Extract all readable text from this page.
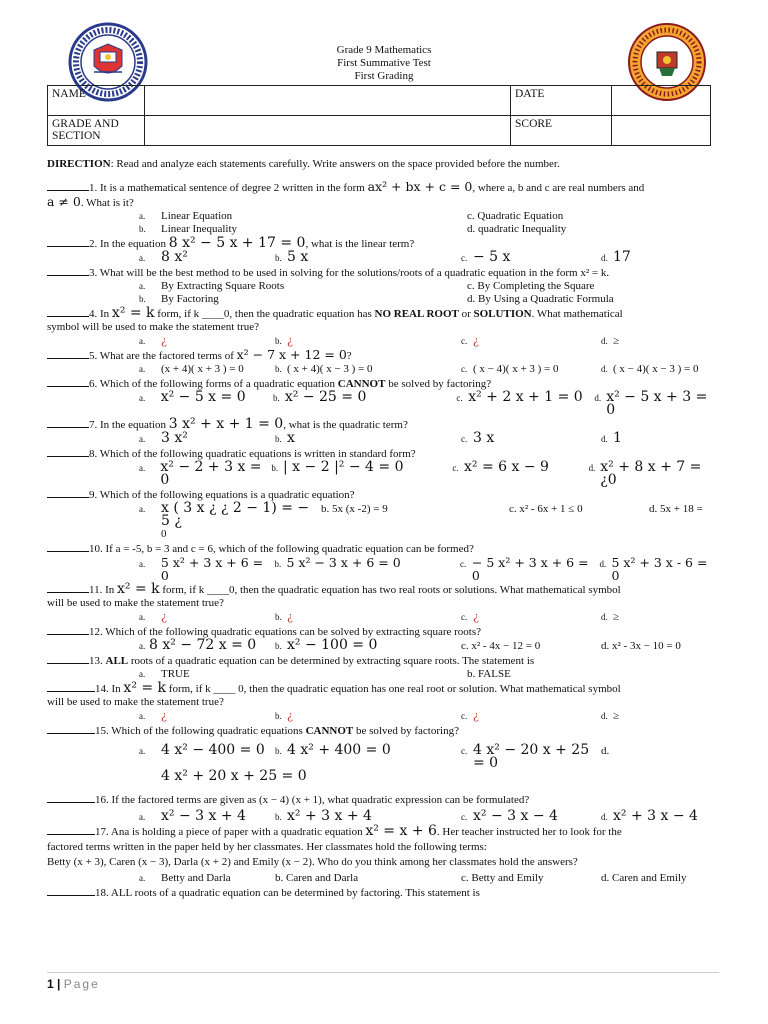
Grade 9 Mathematics
First Summative Test
First Grading
NAME		DATE	

GRADE AND
SECTION		SCORE	

DIRECTION: Read and analyze each statements carefully. Write answers on the space provided before the number.

1. It is a mathematical sentence of degree 2 written in the form ax² + bx + c = 0, where a, b and c are real numbers and

a ≠ 0. What is it?

a.	Linear Equation	c. Quadratic Equation
b.	Linear Inequality	d. quadratic Inequality

2. In the equation 8 x² − 5 x + 17 = 0, what is the linear term?

a.	8 x²	b. 5 x	c. − 5 x	d. 17

3. What will be the best method to be used in solving for the solutions/roots of a quadratic equation in the form x² = k.

a.	By Extracting Square Roots	c. By Completing the Square
b.	By Factoring	d. By Using a Quadratic Formula

4. In x² = k form, if k ____0, then the quadratic equation has NO REAL ROOT or SOLUTION. What mathematical

symbol will be used to make the statement true?

a.	¿	b. ¿	c. ¿	d. ≥

5. What are the factored terms of x² − 7 x + 12 = 0?

a.	(x + 4)( x + 3 ) = 0	b. ( x + 4)( x − 3 ) = 0	c. ( x − 4)( x + 3 ) = 0	d. ( x − 4)( x − 3 ) = 0

6. Which of the following forms of a quadratic equation CANNOT be solved by factoring?

a.	x² − 5 x = 0	b. x² − 25 = 0	c. x² + 2 x + 1 = 0	d. x² − 5 x + 3 = 0

7. In the equation 3 x² + x + 1 = 0, what is the quadratic term?

a.	3 x²	b. x	c. 3 x	d. 1

8. Which of the following quadratic equations is written in standard form?

a.	x² − 2 + 3 x = 0
b. | x − 2 |² − 4 = 0	c. x² = 6 x − 9	d. x² + 8 x + 7 = ¿0

9. Which of the following equations is a quadratic equation?

a.	x ( 3 x ¿ ¿ 2 − 1) = − 5 ¿
b. 5x (x -2) = 9	c. x² - 6x + 1 ≤ 0	d. 5x + 18 =
0

10. If a = -5, b = 3 and c = 6, which of the following quadratic equation can be formed?

a.	5 x² + 3 x + 6 = 0
b. 5 x² − 3 x + 6 = 0	c. − 5 x² + 3 x + 6 = 0
d. 5 x² + 3 x - 6 = 0

11. In x² = k form, if k ____0, then the quadratic equation has two real roots or solutions. What mathematical symbol

will be used to make the statement true?

a.	¿	b. ¿	c. ¿	d. ≥

12. Which of the following quadratic equations can be solved by extracting square roots?

a. 8 x² − 72 x = 0	b. x² − 100 = 0	c. x² - 4x − 12 = 0	d. x² - 3x − 10 = 0

13. ALL roots of a quadratic equation can be determined by extracting square roots. The statement is

a.	TRUE	b. FALSE

14. In x² = k form, if k ____ 0, then the quadratic equation has one real root or solution. What mathematical symbol

will be used to make the statement true?

a.	¿	b. ¿	c. ¿	d. ≥

15. Which of the following quadratic equations CANNOT be solved by factoring?

a.	4 x² − 400 = 0	b. 4 x² + 400 = 0	c. 4 x² − 20 x + 25 = 0
d.
4 x² + 20 x + 25 = 0

16. If the factored terms are given as (x − 4) (x + 1), what quadratic expression can be formulated?

a.	x² − 3 x + 4	b. x² + 3 x + 4	c. x² − 3 x − 4	d. x² + 3 x − 4

17. Ana is holding a piece of paper with a quadratic equation x² = x + 6. Her teacher instructed her to look for the

factored terms written in the paper held by her classmates. Her classmates hold the following terms:

Betty (x + 3), Caren (x − 3), Darla (x + 2) and Emily (x − 2). Who do you think among her classmates hold the answers?

a.	Betty and Darla	b. Caren and Darla	c. Betty and Emily	d. Caren and Emily

18. ALL roots of a quadratic equation can be determined by factoring. This statement is

1 | Page
